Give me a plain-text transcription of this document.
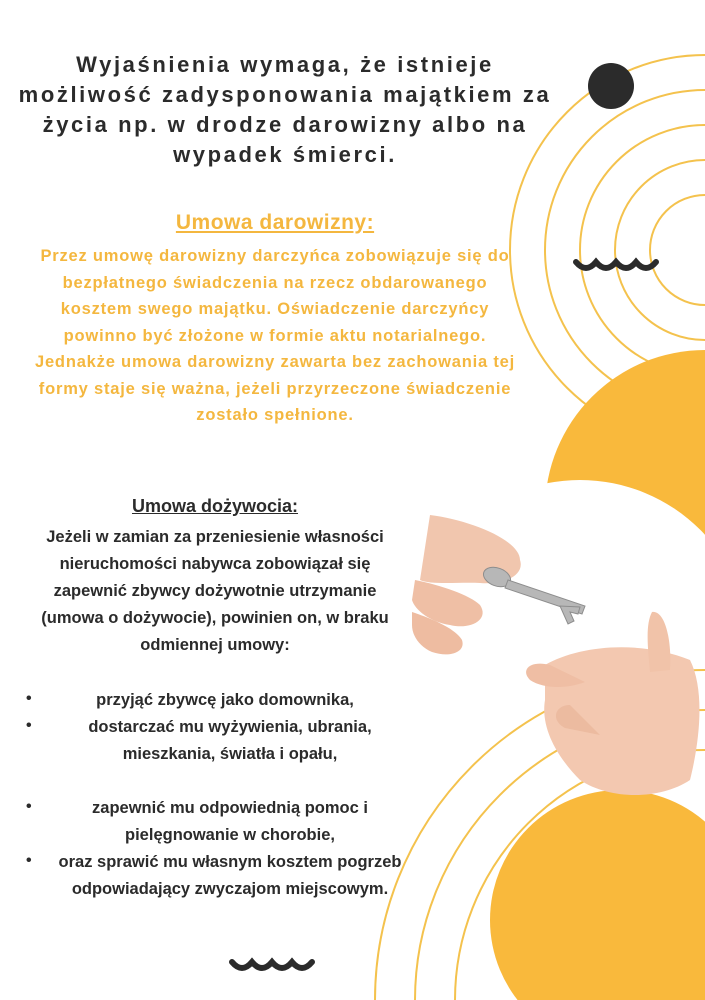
Wyjaśnienia wymaga, że istnieje możliwość zadysponowania majątkiem za życia np. w drodze darowizny albo na wypadek śmierci.
Umowa darowizny:
Przez umowę darowizny darczyńca zobowiązuje się do bezpłatnego świadczenia na rzecz obdarowanego kosztem swego majątku. Oświadczenie darczyńcy powinno być złożone w formie aktu notarialnego. Jednakże umowa darowizny zawarta bez zachowania tej formy staje się ważna, jeżeli przyrzeczone świadczenie zostało spełnione.
Umowa dożywocia:
Jeżeli w zamian za przeniesienie własności nieruchomości nabywca zobowiązał się zapewnić zbywcy dożywotnie utrzymanie (umowa o dożywocie), powinien on, w braku odmiennej umowy:
•	przyjąć zbywcę jako domownika,
•	dostarczać mu wyżywienia, ubrania, mieszkania, światła i opału,
•	zapewnić mu odpowiednią pomoc i pielęgnowanie w chorobie,
•	oraz sprawić mu własnym kosztem pogrzeb odpowiadający zwyczajom miejscowym.
